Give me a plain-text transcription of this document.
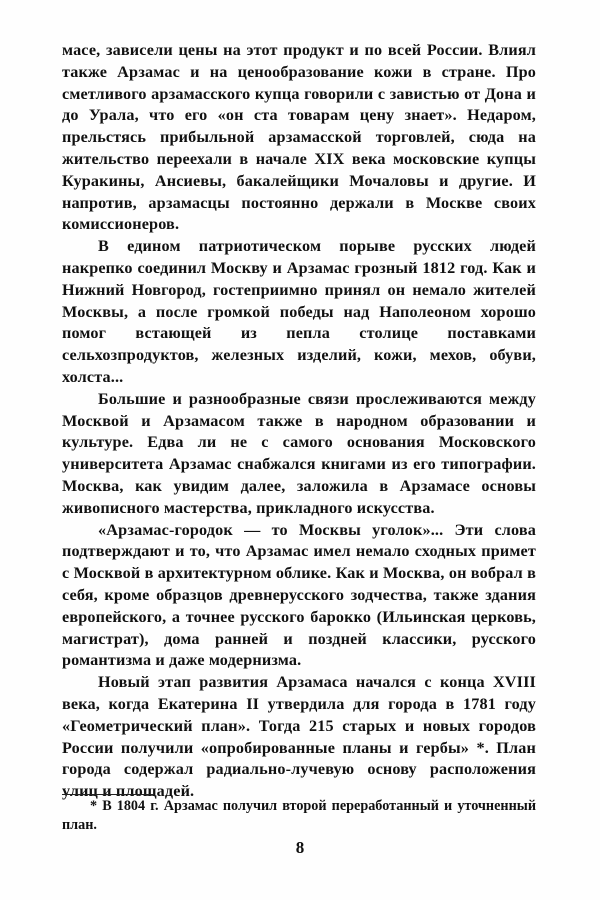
масе, зависели цены на этот продукт и по всей России. Влиял также Арзамас и на ценообразование кожи в стране. Про сметливого арзамасского купца говорили с завистью от Дона и до Урала, что его «он ста товарам цену знает». Недаром, прельстясь прибыльной арзамасской торговлей, сюда на жительство переехали в начале XIX века московские купцы Куракины, Ансиевы, бакалейщики Мочаловы и другие. И напротив, арзамасцы постоянно держали в Москве своих комиссионеров.

В едином патриотическом порыве русских людей накрепко соединил Москву и Арзамас грозный 1812 год. Как и Нижний Новгород, гостеприимно принял он немало жителей Москвы, а после громкой победы над Наполеоном хорошо помог встающей из пепла столице поставками сельхозпродуктов, железных изделий, кожи, мехов, обуви, холста...

Большие и разнообразные связи прослеживаются между Москвой и Арзамасом также в народном образовании и культуре. Едва ли не с самого основания Московского университета Арзамас снабжался книгами из его типографии. Москва, как увидим далее, заложила в Арзамасе основы живописного мастерства, прикладного искусства.

«Арзамас-городок — то Москвы уголок»... Эти слова подтверждают и то, что Арзамас имел немало сходных примет с Москвой в архитектурном облике. Как и Москва, он вобрал в себя, кроме образцов древнерусского зодчества, также здания европейского, а точнее русского барокко (Ильинская церковь, магистрат), дома ранней и поздней классики, русского романтизма и даже модернизма.

Новый этап развития Арзамаса начался с конца XVIII века, когда Екатерина II утвердила для города в 1781 году «Геометрический план». Тогда 215 старых и новых городов России получили «опробированные планы и гербы» *. План города содержал радиально-лучевую основу расположения улиц и площадей.

* В 1804 г. Арзамас получил второй переработанный и уточненный план.

8
